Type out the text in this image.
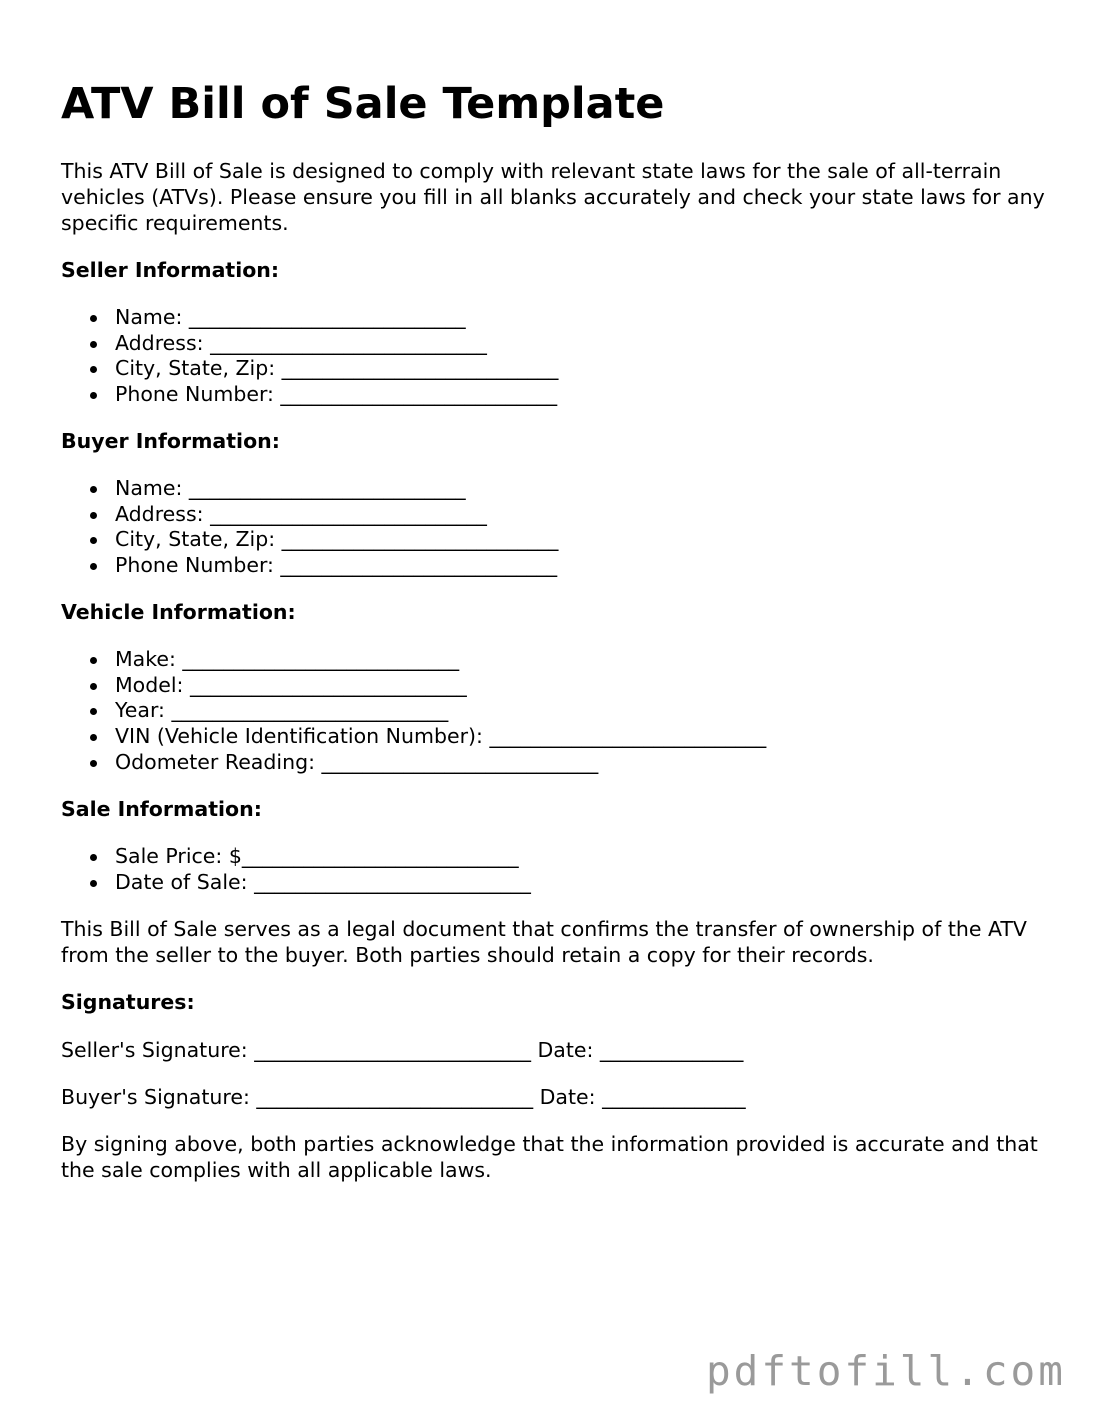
ATV Bill of Sale Template

This ATV Bill of Sale is designed to comply with relevant state laws for the sale of all-terrain vehicles (ATVs). Please ensure you fill in all blanks accurately and check your state laws for any specific requirements.

Seller Information:
Name: ___________________________
Address: ___________________________
City, State, Zip: ___________________________
Phone Number: ___________________________
Buyer Information:
Name: ___________________________
Address: ___________________________
City, State, Zip: ___________________________
Phone Number: ___________________________
Vehicle Information:
Make: ___________________________
Model: ___________________________
Year: ___________________________
VIN (Vehicle Identification Number): ___________________________
Odometer Reading: ___________________________
Sale Information:
Sale Price: $___________________________
Date of Sale: ___________________________

This Bill of Sale serves as a legal document that confirms the transfer of ownership of the ATV from the seller to the buyer. Both parties should retain a copy for their records.

Signatures:

Seller's Signature: ___________________________ Date: ______________

Buyer's Signature: ___________________________ Date: ______________

By signing above, both parties acknowledge that the information provided is accurate and that the sale complies with all applicable laws.

pdftofill.com
